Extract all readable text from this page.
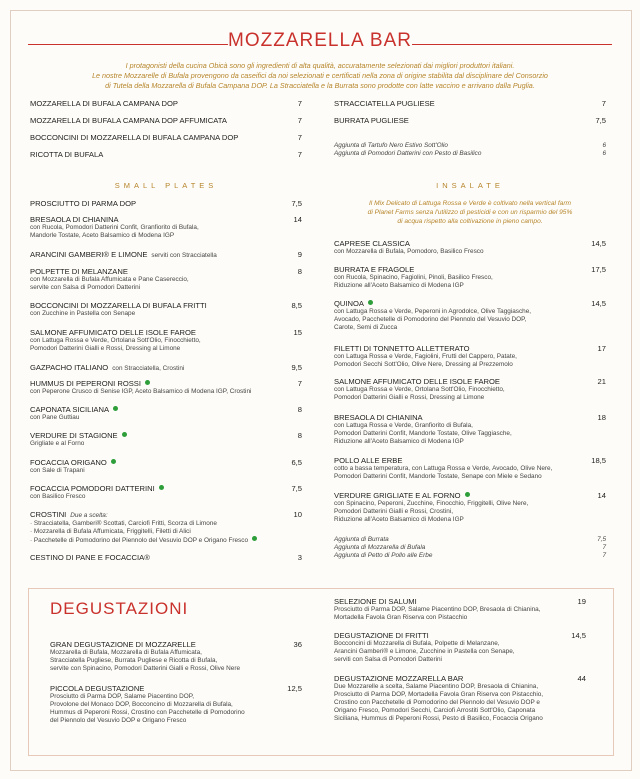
MOZZARELLA BAR
I protagonisti della cucina Obicà sono gli ingredienti di alta qualità, accuratamente selezionati dai migliori produttori italiani.
Le nostre Mozzarelle di Bufala provengono da caseifici da noi selezionati e certificati nella zona di origine stabilita dal disciplinare del Consorzio
di Tutela della Mozzarella di Bufala Campana DOP. La Stracciatella e la Burrata sono prodotte con latte vaccino e arrivano dalla Puglia.
MOZZARELLA DI BUFALA CAMPANA DOP	7
MOZZARELLA DI BUFALA CAMPANA DOP AFFUMICATA	7
BOCCONCINI DI MOZZARELLA DI BUFALA CAMPANA DOP	7
RICOTTA DI BUFALA	7
STRACCIATELLA PUGLIESE	7
BURRATA PUGLIESE	7,5
Aggiunta di Tartufo Nero Estivo Sott'Olio	6
Aggiunta di Pomodori Datterini con Pesto di Basilico	6
SMALL PLATES
PROSCIUTTO DI PARMA DOP	7,5
BRESAOLA DI CHIANINA	14
con Rucola, Pomodori Datterini Confit, Granfiorito di Bufala,
Mandorle Tostate, Aceto Balsamico di Modena IGP
ARANCINI GAMBERI® E LIMONE serviti con Stracciatella	9
POLPETTE DI MELANZANE	8
con Mozzarella di Bufala Affumicata e Pane Casereccio,
servite con Salsa di Pomodori Datterini
BOCCONCINI DI MOZZARELLA DI BUFALA FRITTI	8,5
con Zucchine in Pastella con Senape
SALMONE AFFUMICATO DELLE ISOLE FAROE	15
con Lattuga Rossa e Verde, Ortolana Sott'Olio, Finocchietto,
Pomodori Datterini Gialli e Rossi, Dressing al Limone
GAZPACHO ITALIANO con Stracciatella, Crostini	9,5
HUMMUS DI PEPERONI ROSSI	7
con Peperone Crusco di Senise IGP, Aceto Balsamico di Modena IGP, Crostini
CAPONATA SICILIANA	8
con Pane Guttiau
VERDURE DI STAGIONE	8
Grigliate e al Forno
FOCACCIA ORIGANO	6,5
con Sale di Trapani
FOCACCIA POMODORI DATTERINI	7,5
con Basilico Fresco
CROSTINI Due a scelta:	10
· Stracciatella, Gamberi® Scottati, Carciofi Fritti, Scorza di Limone
· Mozzarella di Bufala Affumicata, Friggitelli, Filetti di Alici
· Pacchetelle di Pomodorino del Piennolo del Vesuvio DOP e Origano Fresco
CESTINO DI PANE E FOCACCIA®	3
INSALATE
Il Mix Delicato di Lattuga Rossa e Verde è coltivato nella vertical farm
di Planet Farms senza l'utilizzo di pesticidi e con un risparmio del 95%
di acqua rispetto alla coltivazione in pieno campo.
CAPRESE CLASSICA	14,5
con Mozzarella di Bufala, Pomodoro, Basilico Fresco
BURRATA E FRAGOLE	17,5
con Rucola, Spinacino, Fagiolini, Pinoli, Basilico Fresco,
Riduzione all'Aceto Balsamico di Modena IGP
QUINOA	14,5
con Lattuga Rossa e Verde, Peperoni in Agrodolce, Olive Taggiasche,
Avocado, Pacchetelle di Pomodorino del Piennolo del Vesuvio DOP,
Carote, Semi di Zucca
FILETTI DI TONNETTO ALLETTERATO	17
con Lattuga Rossa e Verde, Fagiolini, Frutti del Cappero, Patate,
Pomodori Secchi Sott'Olio, Olive Nere, Dressing al Prezzemolo
SALMONE AFFUMICATO DELLE ISOLE FAROE	21
con Lattuga Rossa e Verde, Ortolana Sott'Olio, Finocchietto,
Pomodori Datterini Gialli e Rossi, Dressing al Limone
BRESAOLA DI CHIANINA	18
con Lattuga Rossa e Verde, Granfiorito di Bufala,
Pomodori Datterini Confit, Mandorle Tostate, Olive Taggiasche,
Riduzione all'Aceto Balsamico di Modena IGP
POLLO ALLE ERBE	18,5
cotto a bassa temperatura, con Lattuga Rossa e Verde, Avocado, Olive Nere,
Pomodori Datterini Confit, Mandorle Tostate, Senape con Miele e Sedano
VERDURE GRIGLIATE E AL FORNO	14
con Spinacino, Peperoni, Zucchine, Finocchio, Friggitelli, Olive Nere,
Pomodori Datterini Gialli e Rossi, Crostini,
Riduzione all'Aceto Balsamico di Modena IGP
Aggiunta di Burrata	7,5
Aggiunta di Mozzarella di Bufala	7
Aggiunta di Petto di Pollo alle Erbe	7
DEGUSTAZIONI
GRAN DEGUSTAZIONE DI MOZZARELLE	36
Mozzarella di Bufala, Mozzarella di Bufala Affumicata,
Stracciatella Pugliese, Burrata Pugliese e Ricotta di Bufala,
servite con Spinacino, Pomodori Datterini Gialli e Rossi, Olive Nere
PICCOLA DEGUSTAZIONE	12,5
Prosciutto di Parma DOP, Salame Piacentino DOP,
Provolone del Monaco DOP, Bocconcino di Mozzarella di Bufala,
Hummus di Peperoni Rossi, Crostino con Pacchetelle di Pomodorino
del Piennolo del Vesuvio DOP e Origano Fresco
SELEZIONE DI SALUMI	19
Prosciutto di Parma DOP, Salame Piacentino DOP, Bresaola di Chianina,
Mortadella Favola Gran Riserva con Pistacchio
DEGUSTAZIONE DI FRITTI	14,5
Bocconcini di Mozzarella di Bufala, Polpette di Melanzane,
Arancini Gamberi® e Limone, Zucchine in Pastella con Senape,
serviti con Salsa di Pomodori Datterini
DEGUSTAZIONE MOZZARELLA BAR	44
Due Mozzarelle a scelta, Salame Piacentino DOP, Bresaola di Chianina,
Prosciutto di Parma DOP, Mortadella Favola Gran Riserva con Pistacchio,
Crostino con Pacchetelle di Pomodorino del Piennolo del Vesuvio DOP e
Origano Fresco, Pomodori Secchi, Carciofi Arrostiti Sott'Olio, Caponata
Siciliana, Hummus di Peperoni Rossi, Pesto di Basilico, Focaccia Origano
